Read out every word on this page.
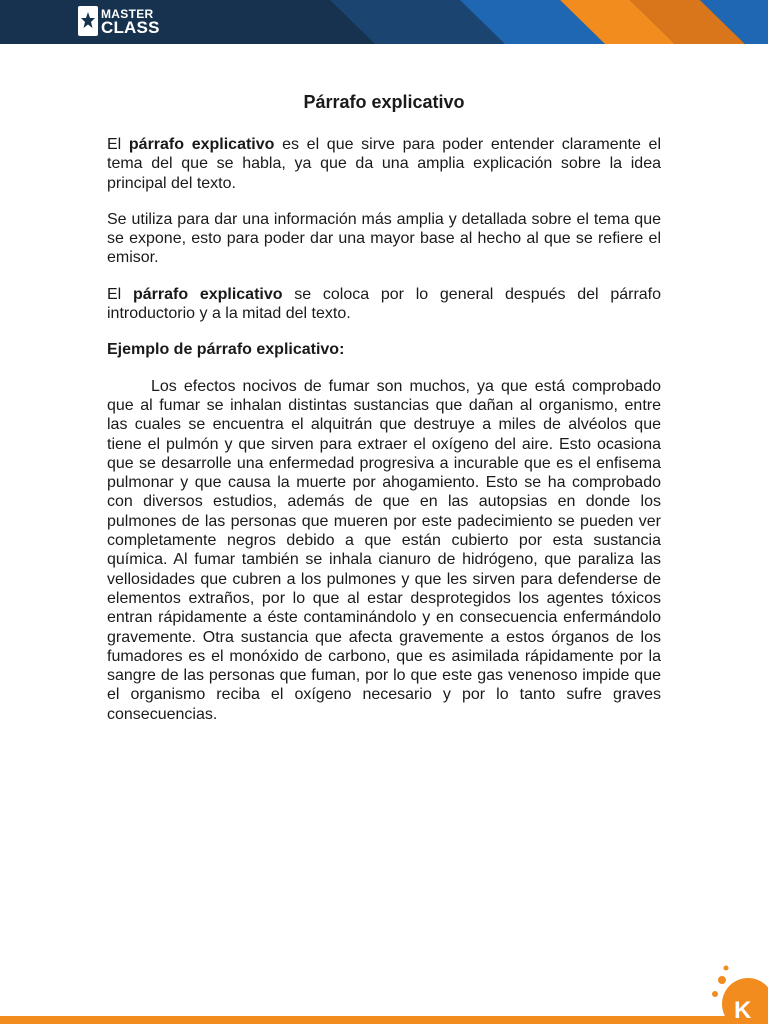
MASTER
CLASS
Párrafo explicativo

El párrafo explicativo es el que sirve para poder entender claramente el tema del que se habla, ya que da una amplia explicación sobre la idea principal del texto.

Se utiliza para dar una información más amplia y detallada sobre el tema que se expone, esto para poder dar una mayor base al hecho al que se refiere el emisor.

El párrafo explicativo se coloca por lo general después del párrafo introductorio y a la mitad del texto.

Ejemplo de párrafo explicativo:

Los efectos nocivos de fumar son muchos, ya que está comprobado que al fumar se inhalan distintas sustancias que dañan al organismo, entre las cuales se encuentra el alquitrán que destruye a miles de alvéolos que tiene el pulmón y que sirven para extraer el oxígeno del aire. Esto ocasiona que se desarrolle una enfermedad progresiva a incurable que es el enfisema pulmonar y que causa la muerte por ahogamiento. Esto se ha comprobado con diversos estudios, además de que en las autopsias en donde los pulmones de las personas que mueren por este padecimiento se pueden ver completamente negros debido a que están cubierto por esta sustancia química. Al fumar también se inhala cianuro de hidrógeno, que paraliza las vellosidades que cubren a los pulmones y que les sirven para defenderse de elementos extraños, por lo que al estar desprotegidos los agentes tóxicos entran rápidamente a éste contaminándolo y en consecuencia enfermándolo gravemente. Otra sustancia que afecta gravemente a estos órganos de los fumadores es el monóxido de carbono, que es asimilada rápidamente por la sangre de las personas que fuman, por lo que este gas venenoso impide que el organismo reciba el oxígeno necesario y por lo tanto sufre graves consecuencias.

K
